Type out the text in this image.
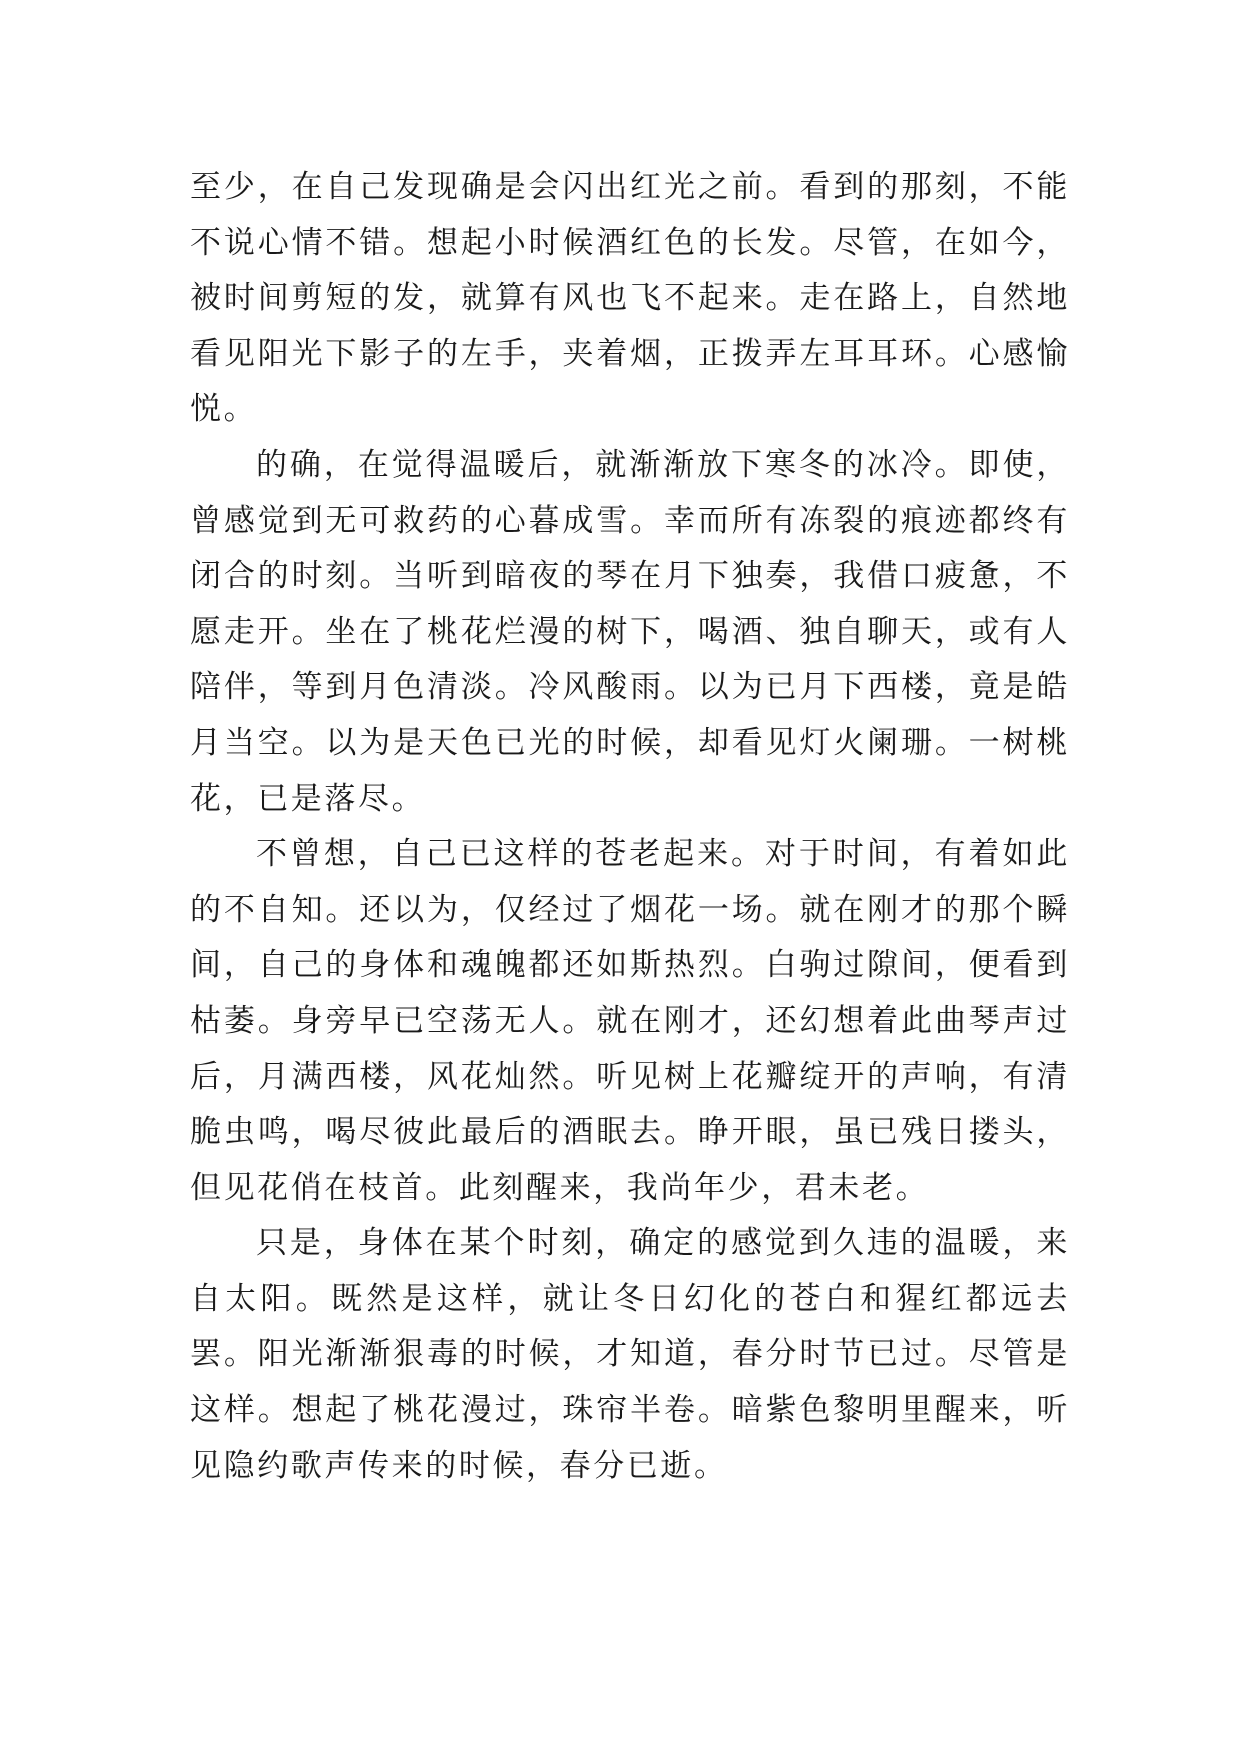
至少，在自己发现确是会闪出红光之前。看到的那刻，不能不说心情不错。想起小时候酒红色的长发。尽管，在如今，被时间剪短的发，就算有风也飞不起来。走在路上，自然地看见阳光下影子的左手，夹着烟，正拨弄左耳耳环。心感愉悦。

的确，在觉得温暖后，就渐渐放下寒冬的冰冷。即使，曾感觉到无可救药的心暮成雪。幸而所有冻裂的痕迹都终有闭合的时刻。当听到暗夜的琴在月下独奏，我借口疲惫，不愿走开。坐在了桃花烂漫的树下，喝酒、独自聊天，或有人陪伴，等到月色清淡。冷风酸雨。以为已月下西楼，竟是皓月当空。以为是天色已光的时候，却看见灯火阑珊。一树桃花，已是落尽。

不曾想，自己已这样的苍老起来。对于时间，有着如此的不自知。还以为，仅经过了烟花一场。就在刚才的那个瞬间，自己的身体和魂魄都还如斯热烈。白驹过隙间，便看到枯萎。身旁早已空荡无人。就在刚才，还幻想着此曲琴声过后，月满西楼，风花灿然。听见树上花瓣绽开的声响，有清脆虫鸣，喝尽彼此最后的酒眠去。睁开眼，虽已残日搂头，但见花俏在枝首。此刻醒来，我尚年少，君未老。

只是，身体在某个时刻，确定的感觉到久违的温暖，来自太阳。既然是这样，就让冬日幻化的苍白和猩红都远去罢。阳光渐渐狠毒的时候，才知道，春分时节已过。尽管是这样。想起了桃花漫过，珠帘半卷。暗紫色黎明里醒来，听见隐约歌声传来的时候，春分已逝。
